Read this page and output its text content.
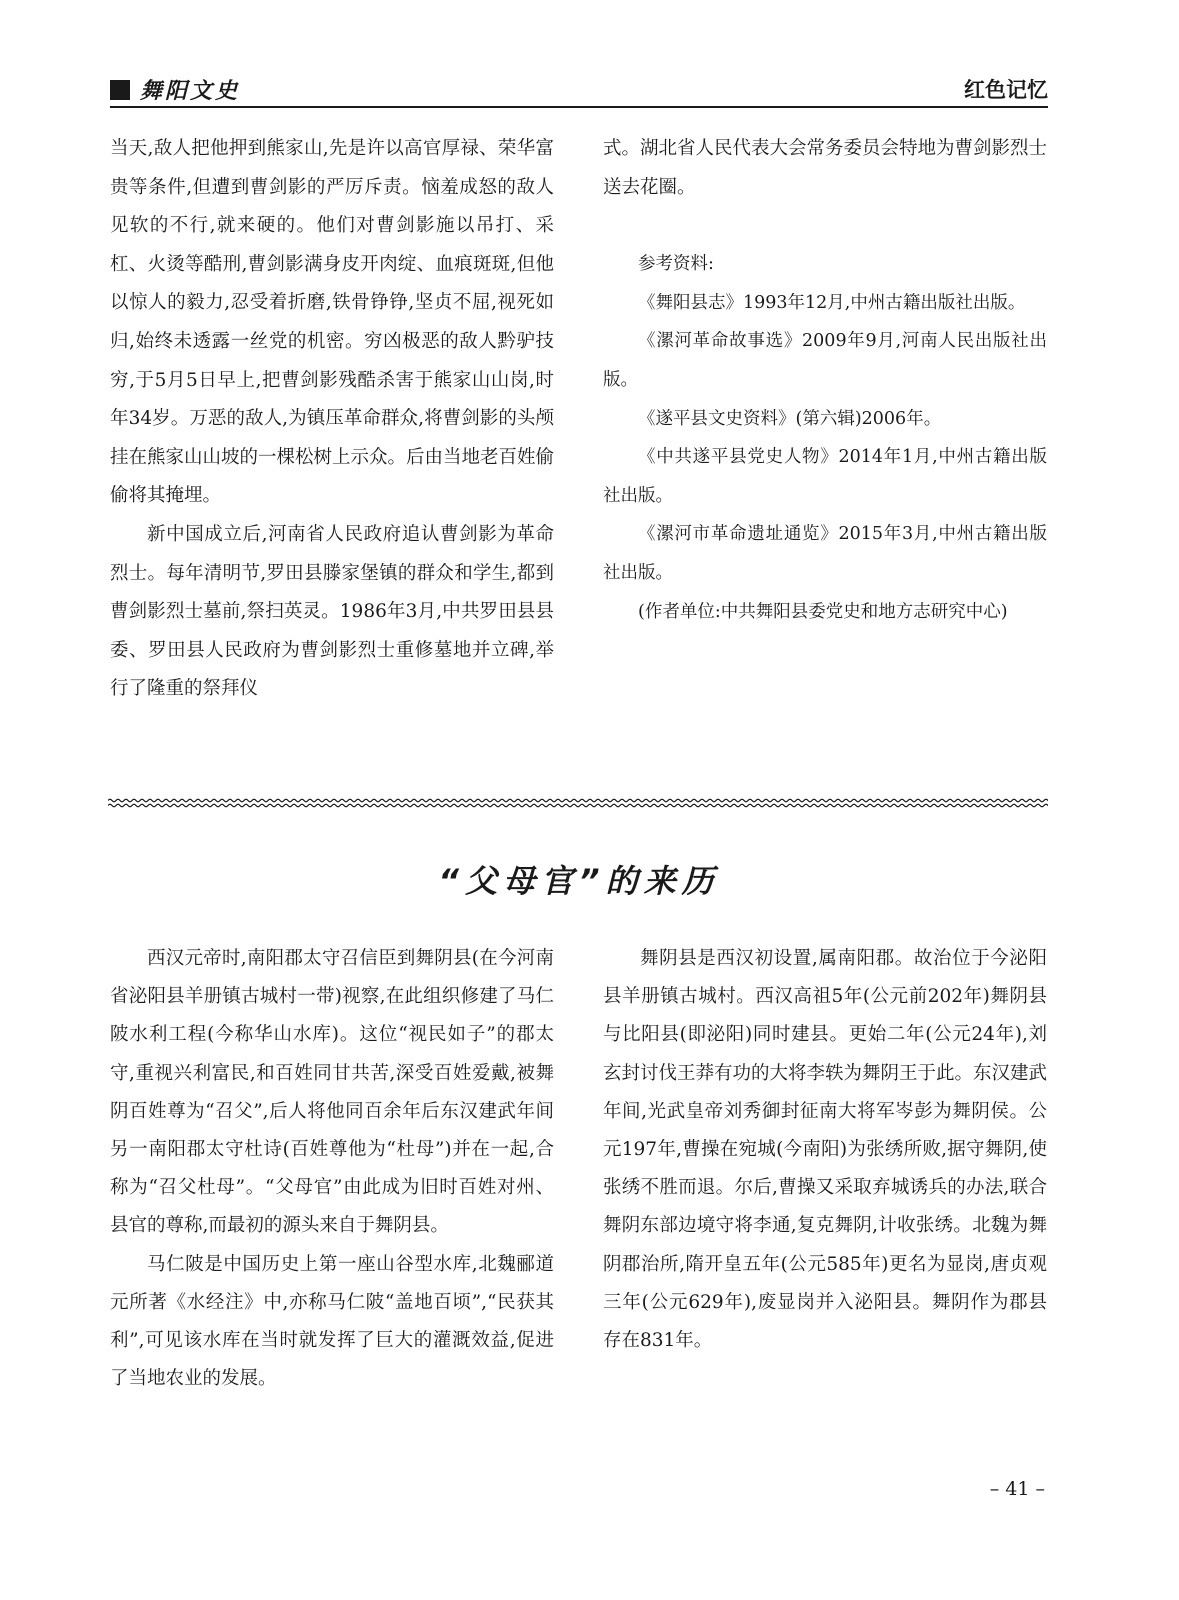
舞阳文史	红色记忆

当天,敌人把他押到熊家山,先是许以高官厚禄、荣华富贵等条件,但遭到曹剑影的严厉斥责。恼羞成怒的敌人见软的不行,就来硬的。他们对曹剑影施以吊打、采杠、火烫等酷刑,曹剑影满身皮开肉绽、血痕斑斑,但他以惊人的毅力,忍受着折磨,铁骨铮铮,坚贞不屈,视死如归,始终未透露一丝党的机密。穷凶极恶的敌人黔驴技穷,于5月5日早上,把曹剑影残酷杀害于熊家山山岗,时年34岁。万恶的敌人,为镇压革命群众,将曹剑影的头颅挂在熊家山山坡的一棵松树上示众。后由当地老百姓偷偷将其掩埋。

新中国成立后,河南省人民政府追认曹剑影为革命烈士。每年清明节,罗田县滕家堡镇的群众和学生,都到曹剑影烈士墓前,祭扫英灵。1986年3月,中共罗田县县委、罗田县人民政府为曹剑影烈士重修墓地并立碑,举行了隆重的祭拜仪

式。湖北省人民代表大会常务委员会特地为曹剑影烈士送去花圈。

参考资料:

《舞阳县志》1993年12月,中州古籍出版社出版。

《漯河革命故事选》2009年9月,河南人民出版社出版。

《遂平县文史资料》(第六辑)2006年。

《中共遂平县党史人物》2014年1月,中州古籍出版社出版。

《漯河市革命遗址通览》2015年3月,中州古籍出版社出版。

(作者单位:中共舞阳县委党史和地方志研究中心)

“父母官”的来历

西汉元帝时,南阳郡太守召信臣到舞阴县(在今河南省泌阳县羊册镇古城村一带)视察,在此组织修建了马仁陂水利工程(今称华山水库)。这位“视民如子”的郡太守,重视兴利富民,和百姓同甘共苦,深受百姓爱戴,被舞阴百姓尊为“召父”,后人将他同百余年后东汉建武年间另一南阳郡太守杜诗(百姓尊他为“杜母”)并在一起,合称为“召父杜母”。“父母官”由此成为旧时百姓对州、县官的尊称,而最初的源头来自于舞阴县。

马仁陂是中国历史上第一座山谷型水库,北魏郦道元所著《水经注》中,亦称马仁陂“盖地百顷”,“民获其利”,可见该水库在当时就发挥了巨大的灌溉效益,促进了当地农业的发展。

舞阴县是西汉初设置,属南阳郡。故治位于今泌阳县羊册镇古城村。西汉高祖5年(公元前202年)舞阴县与比阳县(即泌阳)同时建县。更始二年(公元24年),刘玄封讨伐王莽有功的大将李轶为舞阴王于此。东汉建武年间,光武皇帝刘秀御封征南大将军岑彭为舞阴侯。公元197年,曹操在宛城(今南阳)为张绣所败,据守舞阴,使张绣不胜而退。尔后,曹操又采取弃城诱兵的办法,联合舞阴东部边境守将李通,复克舞阴,计收张绣。北魏为舞阴郡治所,隋开皇五年(公元585年)更名为显岗,唐贞观三年(公元629年),废显岗并入泌阳县。舞阴作为郡县存在831年。

– 41 –
